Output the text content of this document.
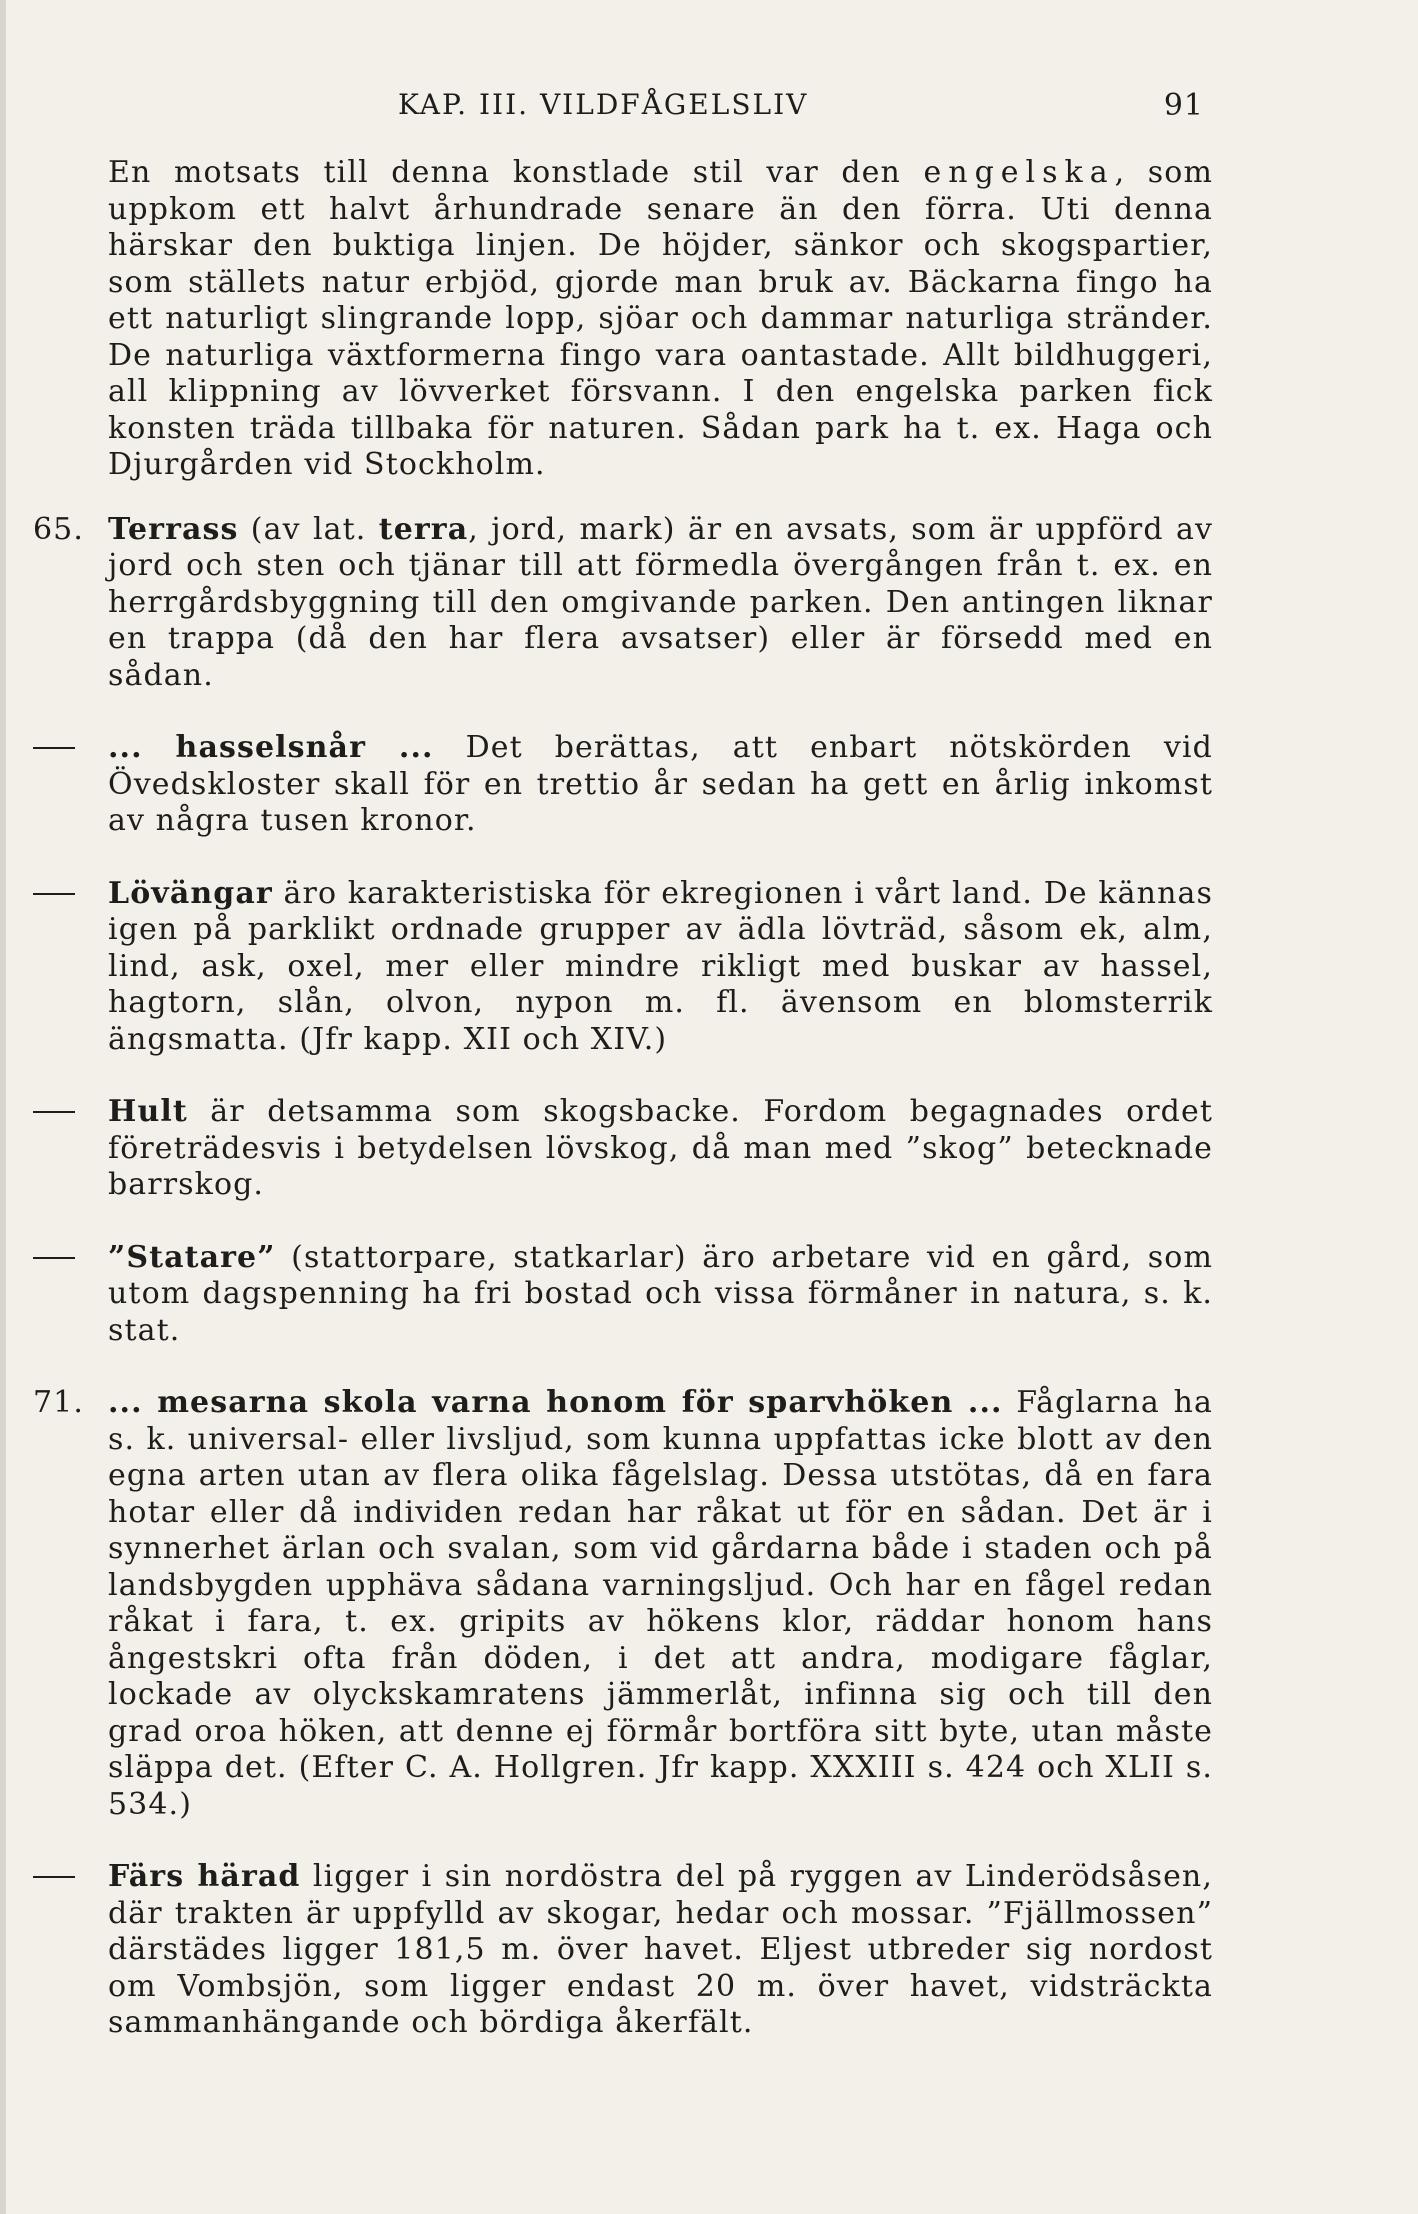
KAP. III. VILDFÅGELSLIV	91

En motsats till denna konstlade stil var den engelska, som uppkom ett halvt århundrade senare än den förra. Uti denna härskar den buktiga linjen. De höjder, sänkor och skogspartier, som ställets natur erbjöd, gjorde man bruk av. Bäckarna fingo ha ett naturligt slingrande lopp, sjöar och dammar naturliga stränder. De naturliga växtformerna fingo vara oantastade. Allt bildhuggeri, all klippning av lövverket försvann. I den engelska parken fick konsten träda tillbaka för naturen. Sådan park ha t. ex. Haga och Djurgården vid Stockholm.

65. Terrass (av lat. terra, jord, mark) är en avsats, som är uppförd av jord och sten och tjänar till att förmedla övergången från t. ex. en herrgårdsbyggning till den omgivande parken. Den antingen liknar en trappa (då den har flera avsatser) eller är försedd med en sådan.

... hasselsnår ... Det berättas, att enbart nötskörden vid Övedskloster skall för en trettio år sedan ha gett en årlig inkomst av några tusen kronor.

Lövängar äro karakteristiska för ekregionen i vårt land. De kännas igen på parklikt ordnade grupper av ädla lövträd, såsom ek, alm, lind, ask, oxel, mer eller mindre rikligt med buskar av hassel, hagtorn, slån, olvon, nypon m. fl. ävensom en blomsterrik ängsmatta. (Jfr kapp. XII och XIV.)

Hult är detsamma som skogsbacke. Fordom begagnades ordet företrädesvis i betydelsen lövskog, då man med ”skog” betecknade barrskog.

”Statare” (stattorpare, statkarlar) äro arbetare vid en gård, som utom dagspenning ha fri bostad och vissa förmåner in natura, s. k. stat.

71. ... mesarna skola varna honom för sparvhöken ... Fåglarna ha s. k. universal- eller livsljud, som kunna uppfattas icke blott av den egna arten utan av flera olika fågelslag. Dessa utstötas, då en fara hotar eller då individen redan har råkat ut för en sådan. Det är i synnerhet ärlan och svalan, som vid gårdarna både i staden och på landsbygden upphäva sådana varningsljud. Och har en fågel redan råkat i fara, t. ex. gripits av hökens klor, räddar honom hans ångestskri ofta från döden, i det att andra, modigare fåglar, lockade av olyckskamratens jämmerlåt, infinna sig och till den grad oroa höken, att denne ej förmår bortföra sitt byte, utan måste släppa det. (Efter C. A. Hollgren. Jfr kapp. XXXIII s. 424 och XLII s. 534.)

Färs härad ligger i sin nordöstra del på ryggen av Linderödsåsen, där trakten är uppfylld av skogar, hedar och mossar. ”Fjällmossen” därstädes ligger 181,5 m. över havet. Eljest utbreder sig nordost om Vombsjön, som ligger endast 20 m. över havet, vidsträckta sammanhängande och bördiga åkerfält.
